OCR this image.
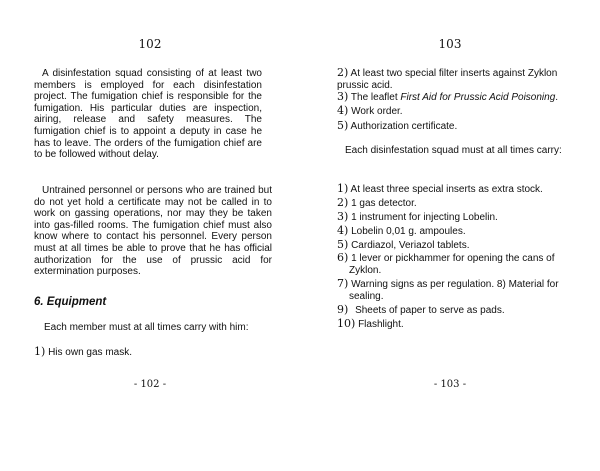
102

A disinfestation squad consisting of at least two members is employed for each disinfestation project. The fumigation chief is responsible for the fumigation. His particular duties are inspection, airing, release and safety measures. The fumigation chief is to appoint a deputy in case he has to leave. The orders of the fumigation chief are to be followed without delay.

Untrained personnel or persons who are trained but do not yet hold a certificate may not be called in to work on gassing operations, nor may they be taken into gas-filled rooms. The fumigation chief must also know where to contact his personnel. Every person must at all times be able to prove that he has official authorization for the use of prussic acid for extermination purposes.

6. Equipment

Each member must at all times carry with him:

1) His own gas mask.

- 102 -
103

2) At least two special filter inserts against Zyklon prussic acid.

3) The leaflet First Aid for Prussic Acid Poisoning.

4) Work order.

5) Authorization certificate.

Each disinfestation squad must at all times carry:

1) At least three special inserts as extra stock.

2) 1 gas detector.

3) 1 instrument for injecting Lobelin.

4) Lobelin 0,01 g. ampoules.

5) Cardiazol, Veriazol tablets.

6) 1 lever or pickhammer for opening the cans of Zyklon.

7) Warning signs as per regulation. 8) Material for sealing.

9) Sheets of paper to serve as pads.

10) Flashlight.

- 103 -
